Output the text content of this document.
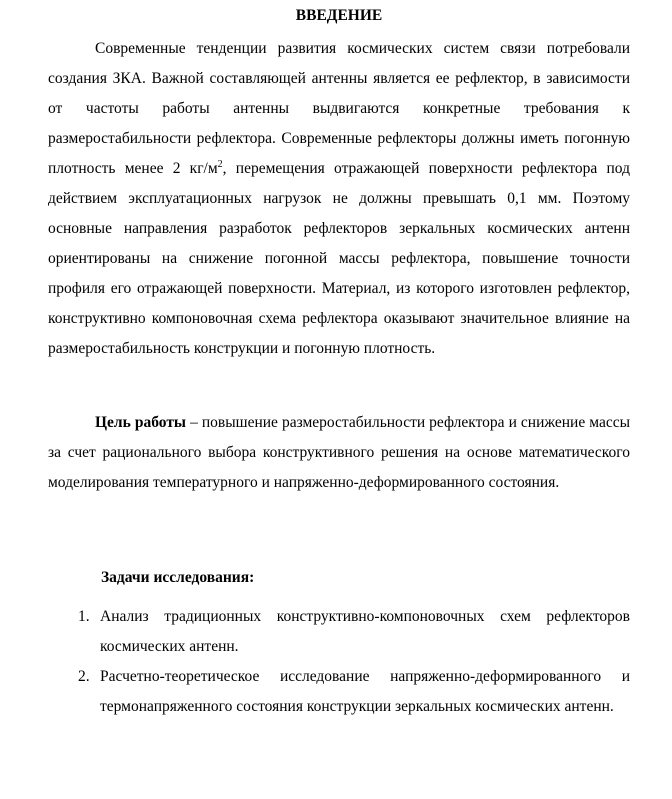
ВВЕДЕНИЕ

Современные тенденции развития космических систем связи потребовали создания ЗКА. Важной составляющей антенны является ее рефлектор, в зависимости от частоты работы антенны выдвигаются конкретные требования к размеростабильности рефлектора. Современные рефлекторы должны иметь погонную плотность менее 2 $кг/м^2$, перемещения отражающей поверхности рефлектора под действием эксплуатационных нагрузок не должны превышать 0,1 мм. Поэтому основные направления разработок рефлекторов зеркальных космических антенн ориентированы на снижение погонной массы рефлектора, повышение точности профиля его отражающей поверхности. Материал, из которого изготовлен рефлектор, конструктивно компоновочная схема рефлектора оказывают значительное влияние на размеростабильность конструкции и погонную плотность.

Цель работы – повышение размеростабильности рефлектора и снижение массы за счет рационального выбора конструктивного решения на основе математического моделирования температурного и напряженно-деформированного состояния.

Задачи исследования:
1. Анализ традиционных конструктивно-компоновочных схем рефлекторов космических антенн.
2. Расчетно-теоретическое исследование напряженно-деформированного и термонапряженного состояния конструкции зеркальных космических антенн.
